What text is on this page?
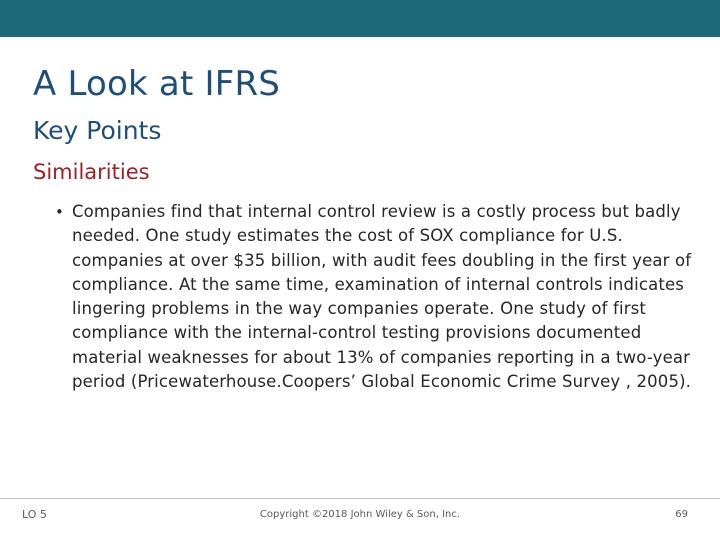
A Look at IFRS
Key Points
Similarities
• Companies find that internal control review is a costly process but badly needed. One study estimates the cost of SOX compliance for U.S. companies at over $35 billion, with audit fees doubling in the first year of compliance. At the same time, examination of internal controls indicates lingering problems in the way companies operate. One study of first compliance with the internal-control testing provisions documented material weaknesses for about 13% of companies reporting in a two-year period (Pricewaterhouse.Coopers’ Global Economic Crime Survey , 2005).
LO 5	Copyright ©2018 John Wiley & Son, Inc.	69
